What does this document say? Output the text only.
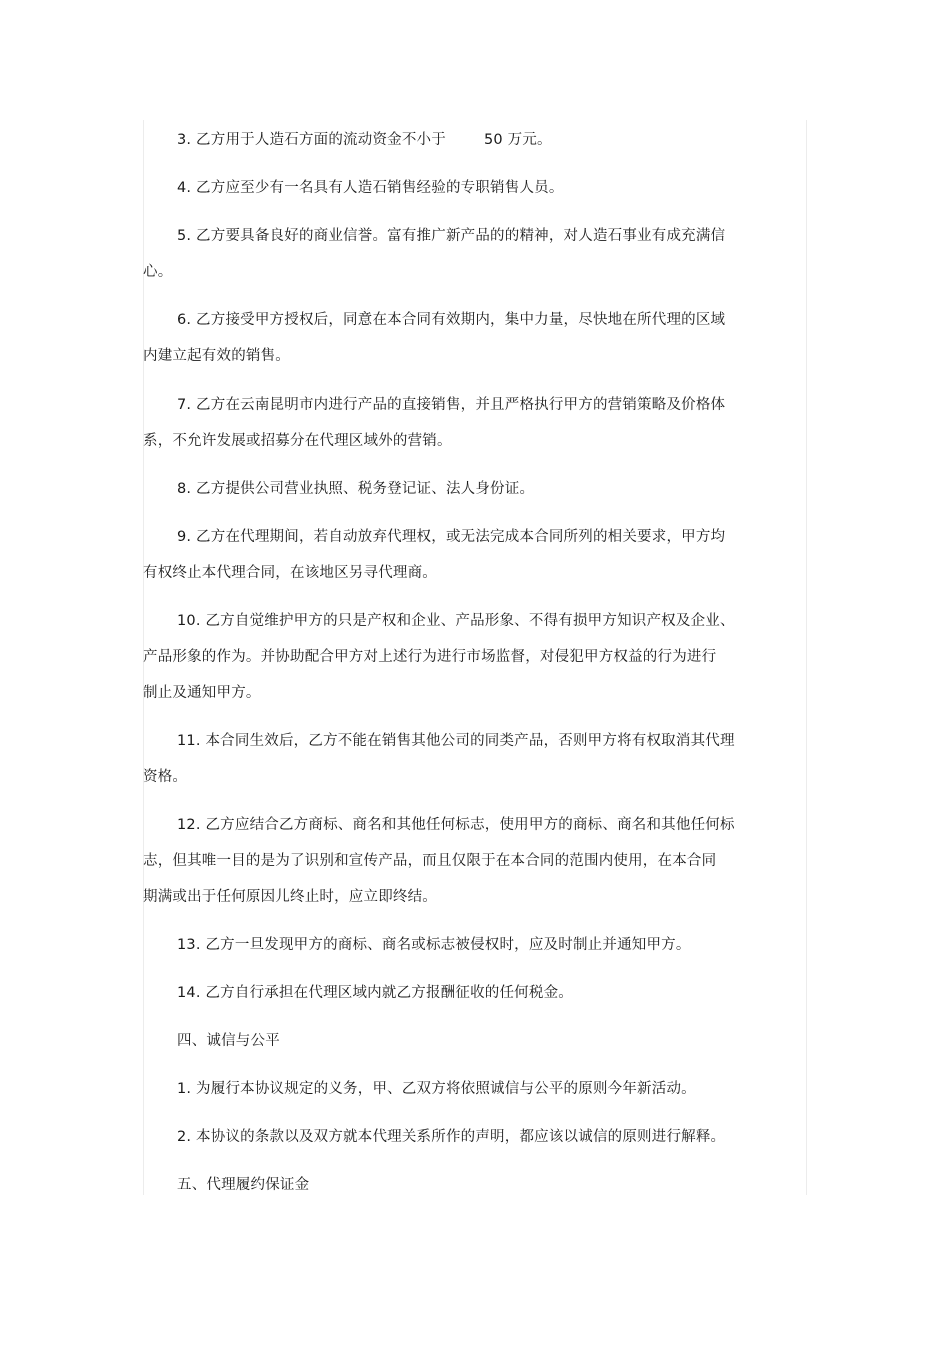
3. 乙方用于人造石方面的流动资金不小于	50 万元。
4. 乙方应至少有一名具有人造石销售经验的专职销售人员。
5. 乙方要具备良好的商业信誉。富有推广新产品的的精神，对人造石事业有成充满信
心。
6. 乙方接受甲方授权后，同意在本合同有效期内，集中力量，尽快地在所代理的区域
内建立起有效的销售。
7. 乙方在云南昆明市内进行产品的直接销售，并且严格执行甲方的营销策略及价格体
系，不允许发展或招募分在代理区域外的营销。
8. 乙方提供公司营业执照、税务登记证、法人身份证。
9. 乙方在代理期间，若自动放弃代理权，或无法完成本合同所列的相关要求，甲方均
有权终止本代理合同，在该地区另寻代理商。
10. 乙方自觉维护甲方的只是产权和企业、产品形象、不得有损甲方知识产权及企业、
产品形象的作为。并协助配合甲方对上述行为进行市场监督，对侵犯甲方权益的行为进行
制止及通知甲方。
11. 本合同生效后，乙方不能在销售其他公司的同类产品，否则甲方将有权取消其代理
资格。
12. 乙方应结合乙方商标、商名和其他任何标志，使用甲方的商标、商名和其他任何标
志，但其唯一目的是为了识别和宣传产品，而且仅限于在本合同的范围内使用，在本合同
期满或出于任何原因儿终止时，应立即终结。
13. 乙方一旦发现甲方的商标、商名或标志被侵权时，应及时制止并通知甲方。
14. 乙方自行承担在代理区域内就乙方报酬征收的任何税金。
四、诚信与公平
1. 为履行本协议规定的义务，甲、乙双方将依照诚信与公平的原则今年新活动。
2. 本协议的条款以及双方就本代理关系所作的声明，都应该以诚信的原则进行解释。
五、代理履约保证金
